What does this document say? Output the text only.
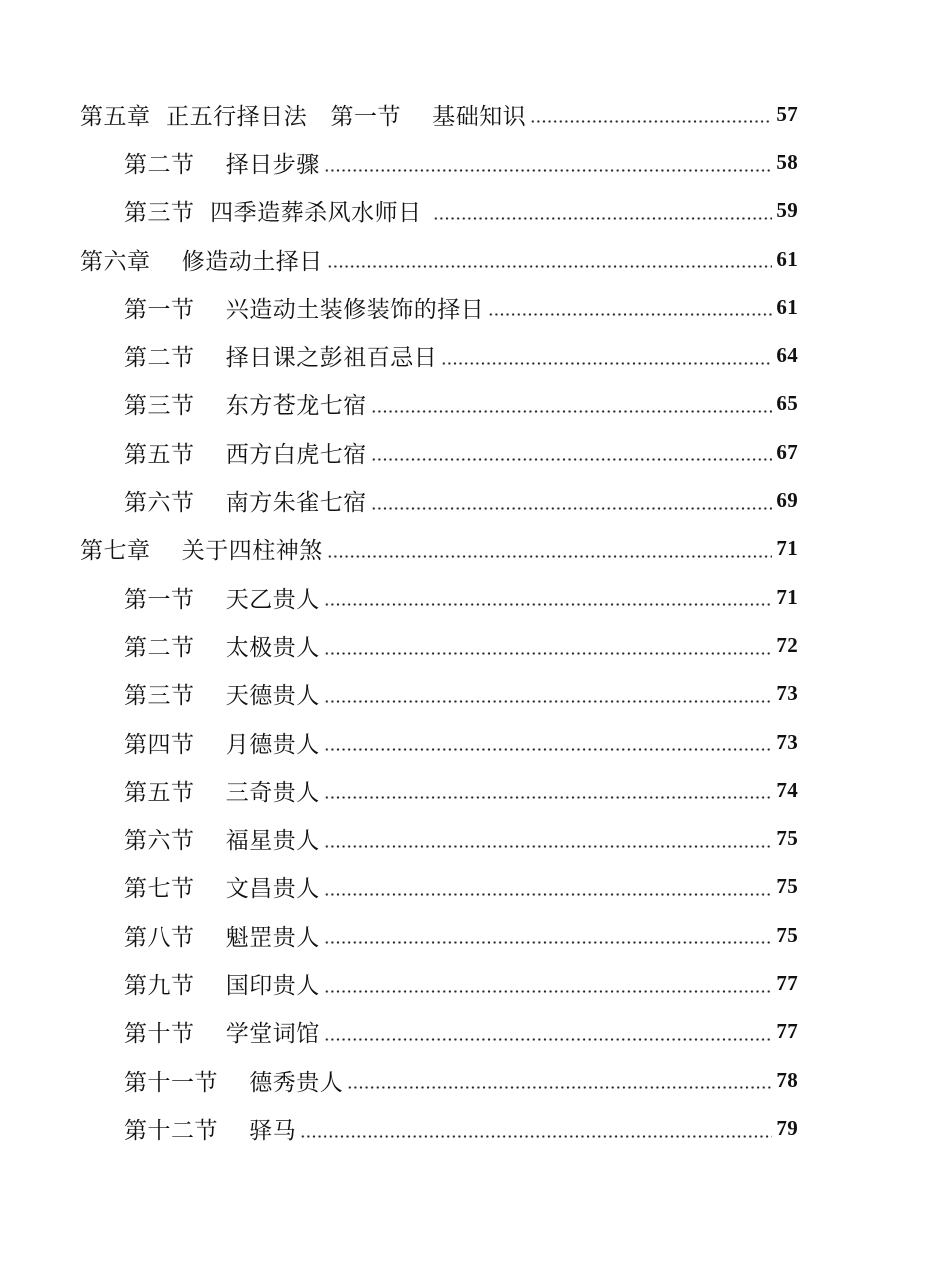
第五章  正五行择日法   第一节    基础知识	57
第二节    择日步骤	58
第三节  四季造葬杀风水师日	59
第六章    修造动土择日	61
第一节    兴造动土装修装饰的择日	61
第二节    择日课之彭祖百忌日	64
第三节    东方苍龙七宿	65
第五节    西方白虎七宿	67
第六节    南方朱雀七宿	69
第七章    关于四柱神煞	71
第一节    天乙贵人	71
第二节    太极贵人	72
第三节    天德贵人	73
第四节    月德贵人	73
第五节    三奇贵人	74
第六节    福星贵人	75
第七节    文昌贵人	75
第八节    魁罡贵人	75
第九节    国印贵人	77
第十节    学堂词馆	77
第十一节    德秀贵人	78
第十二节    驿马	79
